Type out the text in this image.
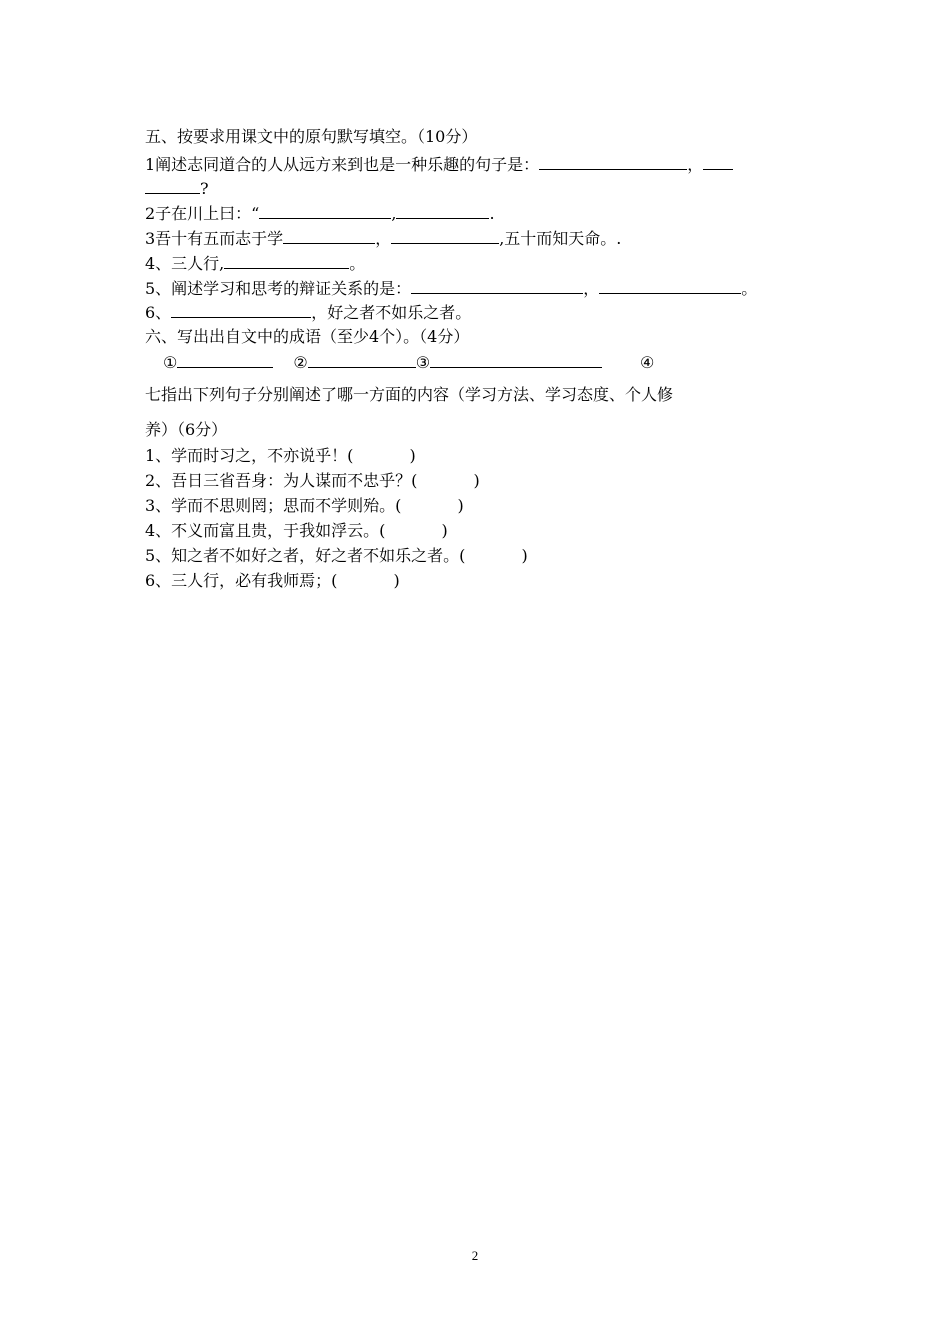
五、按要求用课文中的原句默写填空。（10分）
1阐述志同道合的人从远方来到也是一种乐趣的句子是：	，
?
2子在川上曰：“	,	.
3吾十有五而志于学	，	,五十而知天命。.
4、三人行,	。
5、阐述学习和思考的辩证关系的是：	，	。
6、	，好之者不如乐之者。
六、写出出自文中的成语（至少4个）。（4分）
①	②	③	④
七指出下列句子分别阐述了哪一方面的内容（学习方法、学习态度、个人修
养）（6分）
1、学而时习之，不亦说乎！(	)
2、吾日三省吾身：为人谋而不忠乎？(	)
3、学而不思则罔；思而不学则殆。(	)
4、不义而富且贵，于我如浮云。(	)
5、知之者不如好之者，好之者不如乐之者。(	)
6、三人行，必有我师焉；(	)
2
